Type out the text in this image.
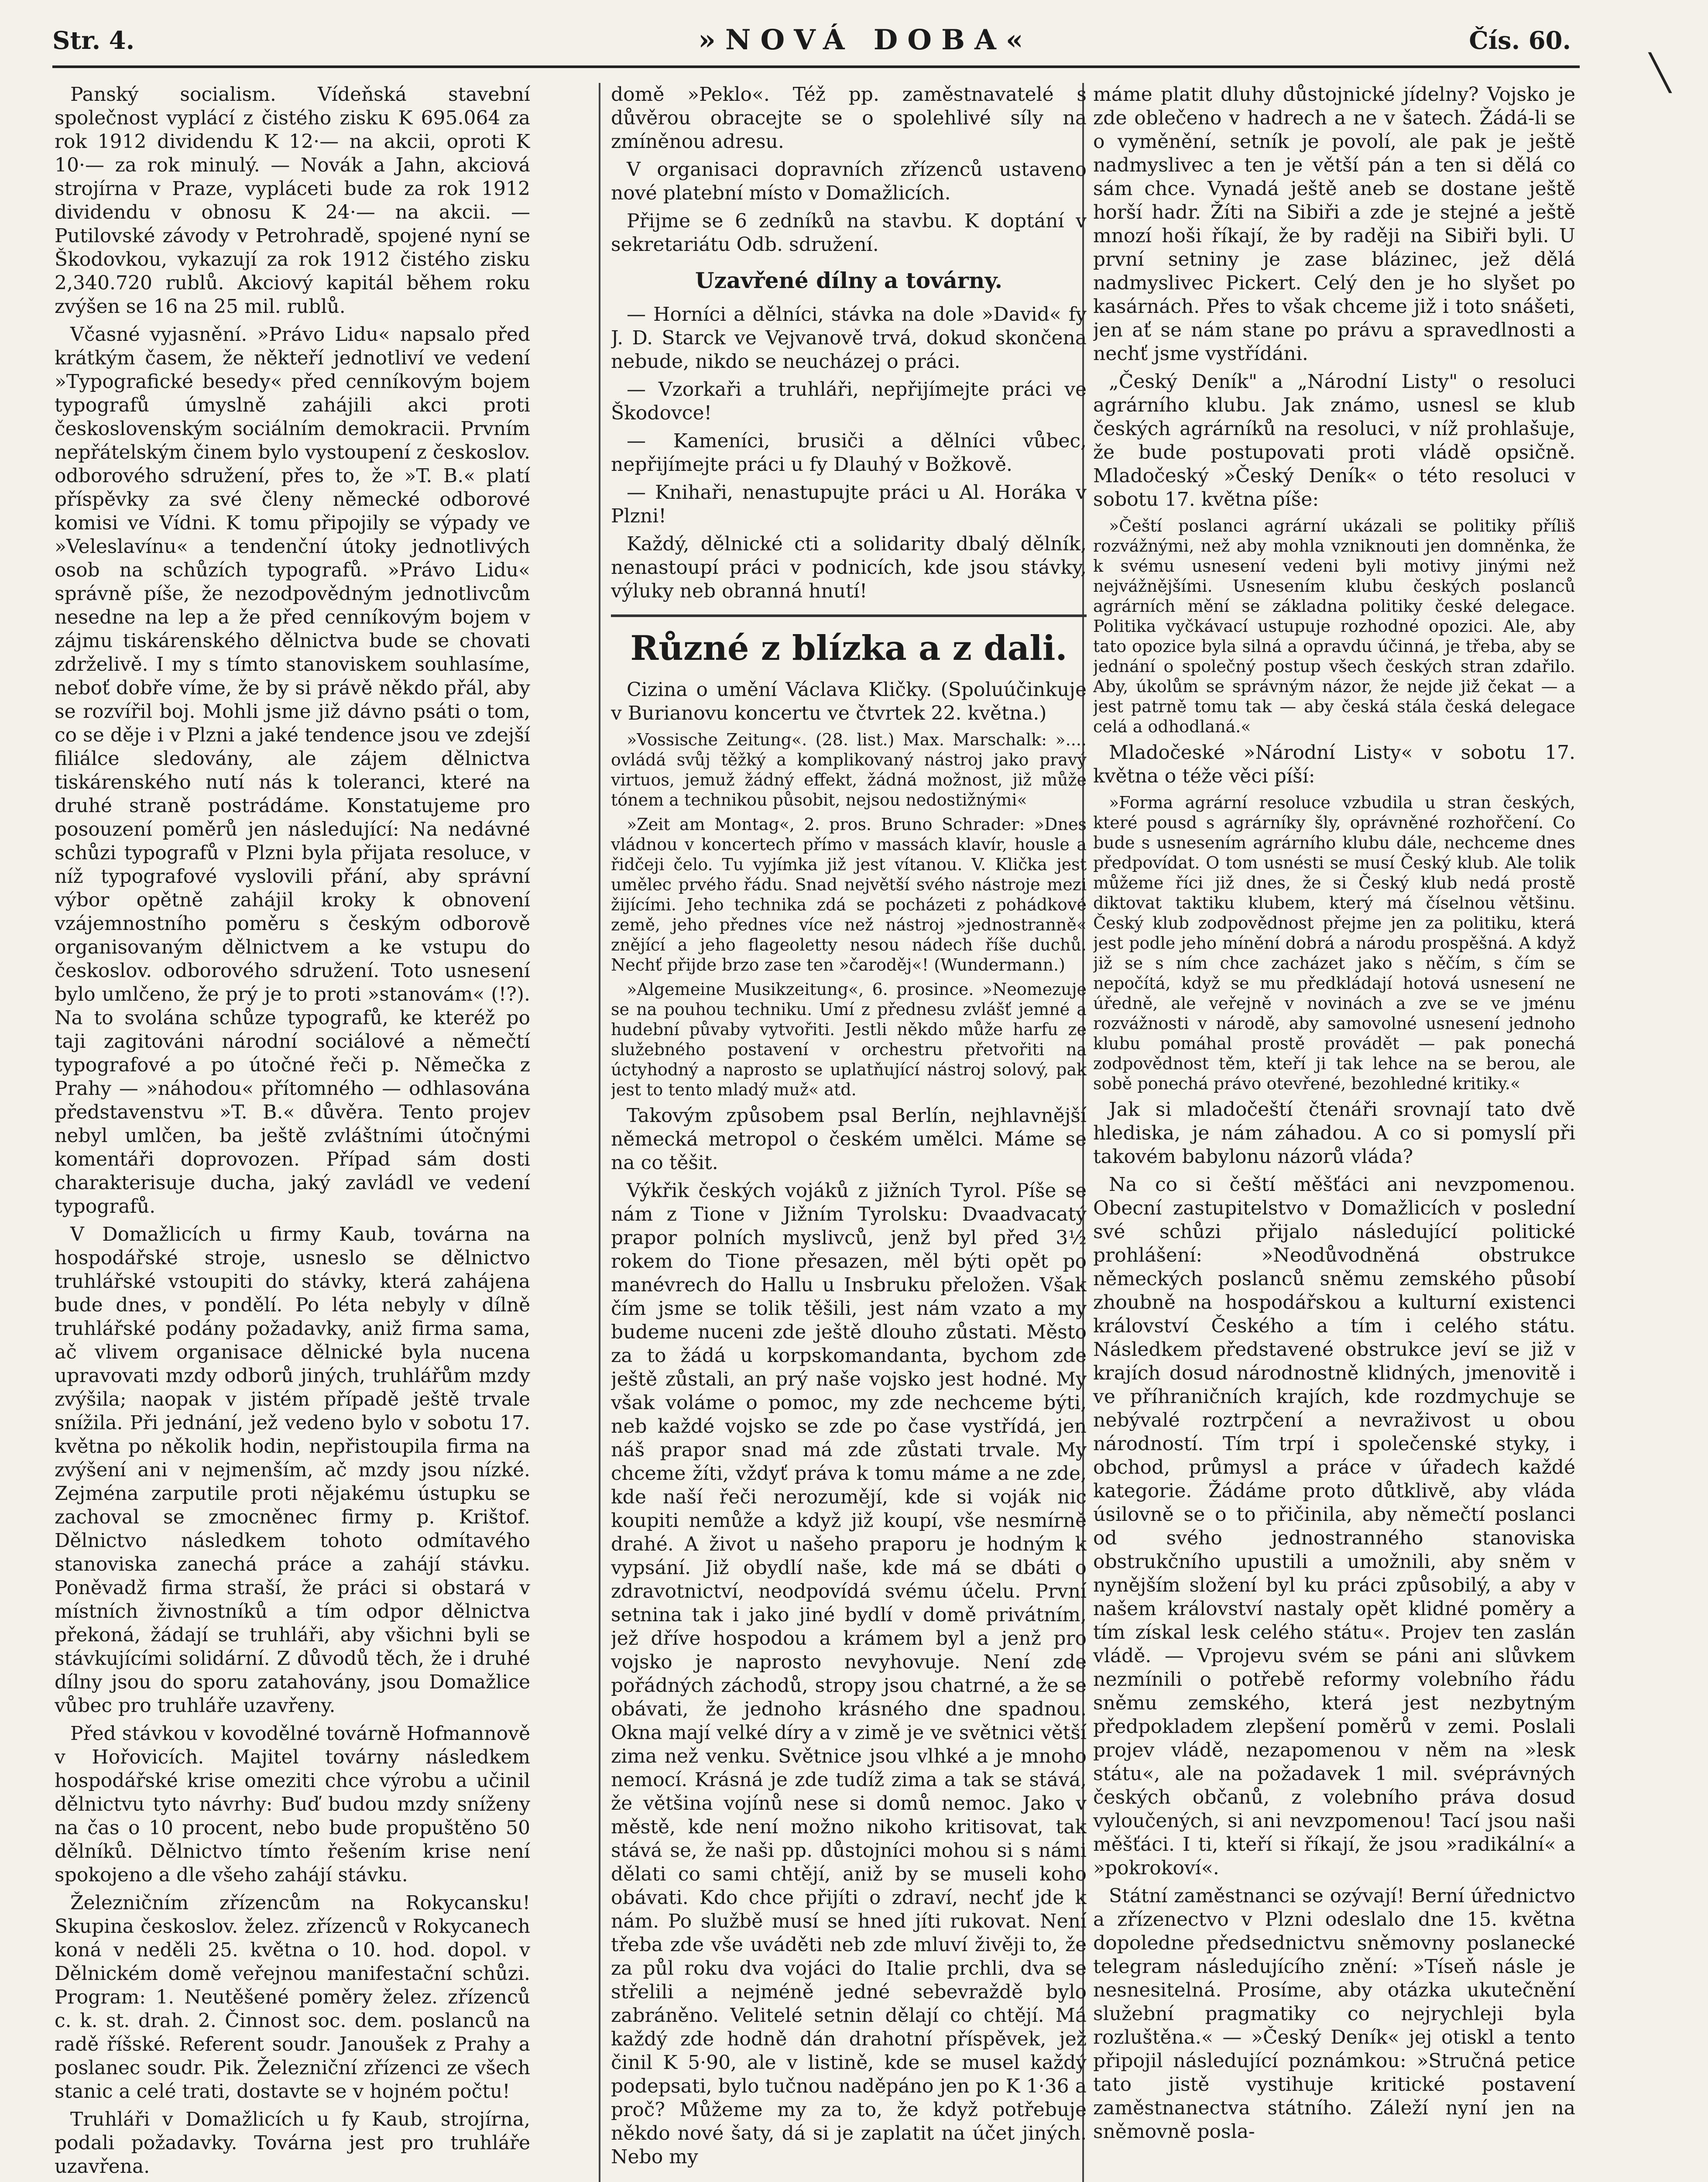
Str. 4.	»NOVÁ DOBA«	Čís. 60.

Panský socialism. Vídeňská stavební společnost vyplácí z čistého zisku K 695.064 za rok 1912 dividendu K 12·— na akcii, oproti K 10·— za rok minulý. — Novák a Jahn, akciová strojírna v Praze, vypláceti bude za rok 1912 dividendu v obnosu K 24·— na akcii. — Putilovské závody v Petrohradě, spojené nyní se Škodovkou, vykazují za rok 1912 čistého zisku 2,340.720 rublů. Akciový kapitál během roku zvýšen se 16 na 25 mil. rublů.

Včasné vyjasnění. »Právo Lidu« napsalo před krátkým časem, že někteří jednotliví ve vedení »Typografické besedy« před cenníkovým bojem typografů úmyslně zahájili akci proti československým sociálním demokracii. Prvním nepřátelským činem bylo vystoupení z českoslov. odborového sdružení, přes to, že »T. B.« platí příspěvky za své členy německé odborové komisi ve Vídni. K tomu připojily se výpady ve »Veleslavínu« a tendenční útoky jednotlivých osob na schůzích typografů. »Právo Lidu« správně píše, že nezodpovědným jednotlivcům nesedne na lep a že před cenníkovým bojem v zájmu tiskárenského dělnictva bude se chovati zdrželivě. I my s tímto stanoviskem souhlasíme, neboť dobře víme, že by si právě někdo přál, aby se rozvířil boj. Mohli jsme již dávno psáti o tom, co se děje i v Plzni a jaké tendence jsou ve zdejší filiálce sledovány, ale zájem dělnictva tiskárenského nutí nás k toleranci, které na druhé straně postrádáme. Konstatujeme pro posouzení poměrů jen následující: Na nedávné schůzi typografů v Plzni byla přijata resoluce, v níž typografové vyslovili přání, aby správní výbor opětně zahájil kroky k obnovení vzájemnostního poměru s českým odborově organisovaným dělnictvem a ke vstupu do českoslov. odborového sdružení. Toto usnesení bylo umlčeno, že prý je to proti »stanovám« (!?). Na to svolána schůze typografů, ke kteréž po taji zagitováni národní sociálové a němečtí typografové a po útočné řeči p. Němečka z Prahy — »náhodou« přítomného — odhlasována představenstvu »T. B.« důvěra. Tento projev nebyl umlčen, ba ještě zvláštními útočnými komentáři doprovozen. Případ sám dosti charakterisuje ducha, jaký zavládl ve vedení typografů.

V Domažlicích u firmy Kaub, továrna na hospodářské stroje, usneslo se dělnictvo truhlářské vstoupiti do stávky, která zahájena bude dnes, v pondělí. Po léta nebyly v dílně truhlářské podány požadavky, aniž firma sama, ač vlivem organisace dělnické byla nucena upravovati mzdy odborů jiných, truhlářům mzdy zvýšila; naopak v jistém případě ještě trvale snížila. Při jednání, jež vedeno bylo v sobotu 17. května po několik hodin, nepřistoupila firma na zvýšení ani v nejmenším, ač mzdy jsou nízké. Zejména zarputile proti nějakému ústupku se zachoval se zmocněnec firmy p. Krištof. Dělnictvo následkem tohoto odmítavého stanoviska zanechá práce a zahájí stávku. Poněvadž firma straší, že práci si obstará v místních živnostníků a tím odpor dělnictva překoná, žádají se truhláři, aby všichni byli se stávkujícími solidární. Z důvodů těch, že i druhé dílny jsou do sporu zatahovány, jsou Domažlice vůbec pro truhláře uzavřeny.

Před stávkou v kovodělné továrně Hofmannově v Hořovicích. Majitel továrny následkem hospodářské krise omeziti chce výrobu a učinil dělnictvu tyto návrhy: Buď budou mzdy sníženy na čas o 10 procent, nebo bude propuštěno 50 dělníků. Dělnictvo tímto řešením krise není spokojeno a dle všeho zahájí stávku.

Železničním zřízencům na Rokycansku! Skupina českoslov. želez. zřízenců v Rokycanech koná v neděli 25. května o 10. hod. dopol. v Dělnickém domě veřejnou manifestační schůzi. Program: 1. Neutěšené poměry želez. zřízenců c. k. st. drah. 2. Činnost soc. dem. poslanců na radě říšské. Referent soudr. Janoušek z Prahy a poslanec soudr. Pik. Železniční zřízenci ze všech stanic a celé trati, dostavte se v hojném počtu!

Truhláři v Domažlicích u fy Kaub, strojírna, podali požadavky. Továrna jest pro truhláře uzavřena.

domě »Peklo«. Též pp. zaměstnavatelé s důvěrou obracejte se o spolehlivé síly na zmíněnou adresu.

V organisaci dopravních zřízenců ustaveno nové platební místo v Domažlicích.

Přijme se 6 zedníků na stavbu. K doptání v sekretariátu Odb. sdružení.

Uzavřené dílny a továrny.

— Horníci a dělníci, stávka na dole »David« fy J. D. Starck ve Vejvanově trvá, dokud skončena nebude, nikdo se neucházej o práci.

— Vzorkaři a truhláři, nepřijímejte práci ve Škodovce!

— Kameníci, brusiči a dělníci vůbec, nepřijímejte práci u fy Dlauhý v Božkově.

— Knihaři, nenastupujte práci u Al. Horáka v Plzni!

Každý, dělnické cti a solidarity dbalý dělník, nenastoupí práci v podnicích, kde jsou stávky, výluky neb obranná hnutí!

Různé z blízka a z dali.

Cizina o umění Václava Kličky. (Spoluúčinkuje v Burianovu koncertu ve čtvrtek 22. května.)

»Vossische Zeitung«. (28. list.) Max. Marschalk: ».... ovládá svůj těžký a komplikovaný nástroj jako pravý virtuos, jemuž žádný effekt, žádná možnost, již může tónem a technikou působit, nejsou nedostižnými«

»Zeit am Montag«, 2. pros. Bruno Schrader: »Dnes vládnou v koncertech přímo v massách klavír, housle a řidčeji čelo. Tu vyjímka již jest vítanou. V. Klička jest umělec prvého řádu. Snad největší svého nástroje mezi žijícími. Jeho technika zdá se pocházeti z pohádkové země, jeho přednes více než nástroj »jednostranně« znějící a jeho flageoletty nesou nádech říše duchů. Nechť přijde brzo zase ten »čaroděj«! (Wundermann.)

»Algemeine Musikzeitung«, 6. prosince. »Neomezuje se na pouhou techniku. Umí z přednesu zvlášť jemné a hudební půvaby vytvořiti. Jestli někdo může harfu ze služebného postavení v orchestru přetvořiti na úctyhodný a naprosto se uplatňující nástroj solový, pak jest to tento mladý muž« atd.

Takovým způsobem psal Berlín, nejhlavnější německá metropol o českém umělci. Máme se na co těšit.

Výkřik českých vojáků z jižních Tyrol. Píše se nám z Tione v Jižním Tyrolsku: Dvaadvacatý prapor polních myslivců, jenž byl před 3½ rokem do Tione přesazen, měl býti opět po manévrech do Hallu u Insbruku přeložen. Však čím jsme se tolik těšili, jest nám vzato a my budeme nuceni zde ještě dlouho zůstati. Město za to žádá u korpskomandanta, bychom zde ještě zůstali, an prý naše vojsko jest hodné. My však voláme o pomoc, my zde nechceme býti, neb každé vojsko se zde po čase vystřídá, jen náš prapor snad má zde zůstati trvale. My chceme žíti, vždyť práva k tomu máme a ne zde, kde naší řeči nerozumějí, kde si voják nic koupiti nemůže a když již koupí, vše nesmírně drahé. A život u našeho praporu je hodným k vypsání. Již obydlí naše, kde má se dbáti o zdravotnictví, neodpovídá svému účelu. První setnina tak i jako jiné bydlí v domě privátním, jež dříve hospodou a krámem byl a jenž pro vojsko je naprosto nevyhovuje. Není zde pořádných záchodů, stropy jsou chatrné, a že se obávati, že jednoho krásného dne spadnou. Okna mají velké díry a v zimě je ve světnici větší zima než venku. Světnice jsou vlhké a je mnoho nemocí. Krásná je zde tudíž zima a tak se stává, že většina vojínů nese si domů nemoc. Jako v městě, kde není možno nikoho kritisovat, tak stává se, že naši pp. důstojníci mohou si s námi dělati co sami chtějí, aniž by se museli koho obávati. Kdo chce přijíti o zdraví, nechť jde k nám. Po službě musí se hned jíti rukovat. Není třeba zde vše uváděti neb zde mluví živěji to, že za půl roku dva vojáci do Italie prchli, dva se střelili a nejméně jedné sebevraždě bylo zabráněno. Velitelé setnin dělají co chtějí. Má každý zde hodně dán drahotní příspěvek, jež činil K 5·90, ale v listině, kde se musel každý podepsati, bylo tučnou naděpáno jen po K 1·36 a proč? Můžeme my za to, že když potřebuje někdo nové šaty, dá si je zaplatit na účet jiných. Nebo my

máme platit dluhy důstojnické jídelny? Vojsko je zde oblečeno v hadrech a ne v šatech. Žádá-li se o vyměnění, setník je povolí, ale pak je ještě nadmyslivec a ten je větší pán a ten si dělá co sám chce. Vynadá ještě aneb se dostane ještě horší hadr. Žíti na Sibiři a zde je stejné a ještě mnozí hoši říkají, že by raději na Sibiři byli. U první setniny je zase blázinec, jež dělá nadmyslivec Pickert. Celý den je ho slyšet po kasárnách. Přes to však chceme již i toto snášeti, jen ať se nám stane po právu a spravedlnosti a nechť jsme vystřídáni.

„Český Deník" a „Národní Listy" o resoluci agrárního klubu. Jak známo, usnesl se klub českých agrárníků na resoluci, v níž prohlašuje, že bude postupovati proti vládě opsičně. Mladočeský »Český Deník« o této resoluci v sobotu 17. května píše:

»Čeští poslanci agrární ukázali se politiky příliš rozvážnými, než aby mohla vzniknouti jen domněnka, že k svému usnesení vedeni byli motivy jinými než nejvážnějšími. Usnesením klubu českých poslanců agrárních mění se základna politiky české delegace. Politika vyčkávací ustupuje rozhodné opozici. Ale, aby tato opozice byla silná a opravdu účinná, je třeba, aby se jednání o společný postup všech českých stran zdařilo. Aby, úkolům se správným názor, že nejde již čekat — a jest patrně tomu tak — aby česká stála česká delegace celá a odhodlaná.«

Mladočeské »Národní Listy« v sobotu 17. května o téže věci píší:

»Forma agrární resoluce vzbudila u stran českých, které pousd s agrárníky šly, oprávněné rozhořčení. Co bude s usnesením agrárního klubu dále, nechceme dnes předpovídat. O tom usnésti se musí Český klub. Ale tolik můžeme říci již dnes, že si Český klub nedá prostě diktovat taktiku klubem, který má číselnou většinu. Český klub zodpovědnost přejme jen za politiku, která jest podle jeho mínění dobrá a národu prospěšná. A když již se s ním chce zacházet jako s něčím, s čím se nepočítá, když se mu předkládají hotová usnesení ne úředně, ale veřejně v novinách a zve se ve jménu rozvážnosti v národě, aby samovolné usnesení jednoho klubu pomáhal prostě provádět — pak ponechá zodpovědnost těm, kteří ji tak lehce na se berou, ale sobě ponechá právo otevřené, bezohledné kritiky.«

Jak si mladočeští čtenáři srovnají tato dvě hlediska, je nám záhadou. A co si pomyslí při takovém babylonu názorů vláda?

Na co si čeští měšťáci ani nevzpomenou. Obecní zastupitelstvo v Domažlicích v poslední své schůzi přijalo následující politické prohlášení: »Neodůvodněná obstrukce německých poslanců sněmu zemského působí zhoubně na hospodářskou a kulturní existenci království Českého a tím i celého státu. Následkem představené obstrukce jeví se již v krajích dosud národnostně klidných, jmenovitě i ve příhraničních krajích, kde rozdmychuje se nebývalé roztrpčení a nevraživost u obou národností. Tím trpí i společenské styky, i obchod, průmysl a práce v úřadech každé kategorie. Žádáme proto důtklivě, aby vláda úsilovně se o to přičinila, aby němečtí poslanci od svého jednostranného stanoviska obstrukčního upustili a umožnili, aby sněm v nynějším složení byl ku práci způsobilý, a aby v našem království nastaly opět klidné poměry a tím získal lesk celého státu«. Projev ten zaslán vládě. — Vprojevu svém se páni ani slůvkem nezmínili o potřebě reformy volebního řádu sněmu zemského, která jest nezbytným předpokladem zlepšení poměrů v zemi. Poslali projev vládě, nezapomenou v něm na »lesk státu«, ale na požadavek 1 mil. svéprávných českých občanů, z volebního práva dosud vyloučených, si ani nevzpomenou! Tací jsou naši měšťáci. I ti, kteří si říkají, že jsou »radikální« a »pokrokoví«.

Státní zaměstnanci se ozývají! Berní úřednictvo a zřízenectvo v Plzni odeslalo dne 15. května dopoledne předsednictvu sněmovny poslanecké telegram následujícího znění: »Tíseň násle je nesnesitelná. Prosíme, aby otázka ukutečnění služební pragmatiky co nejrychleji byla rozluštěna.« — »Český Deník« jej otiskl a tento připojil následující poznámkou: »Stručná petice tato jistě vystihuje kritické postavení zaměstnanectva státního. Záleží nyní jen na sněmovně posla-

╲
